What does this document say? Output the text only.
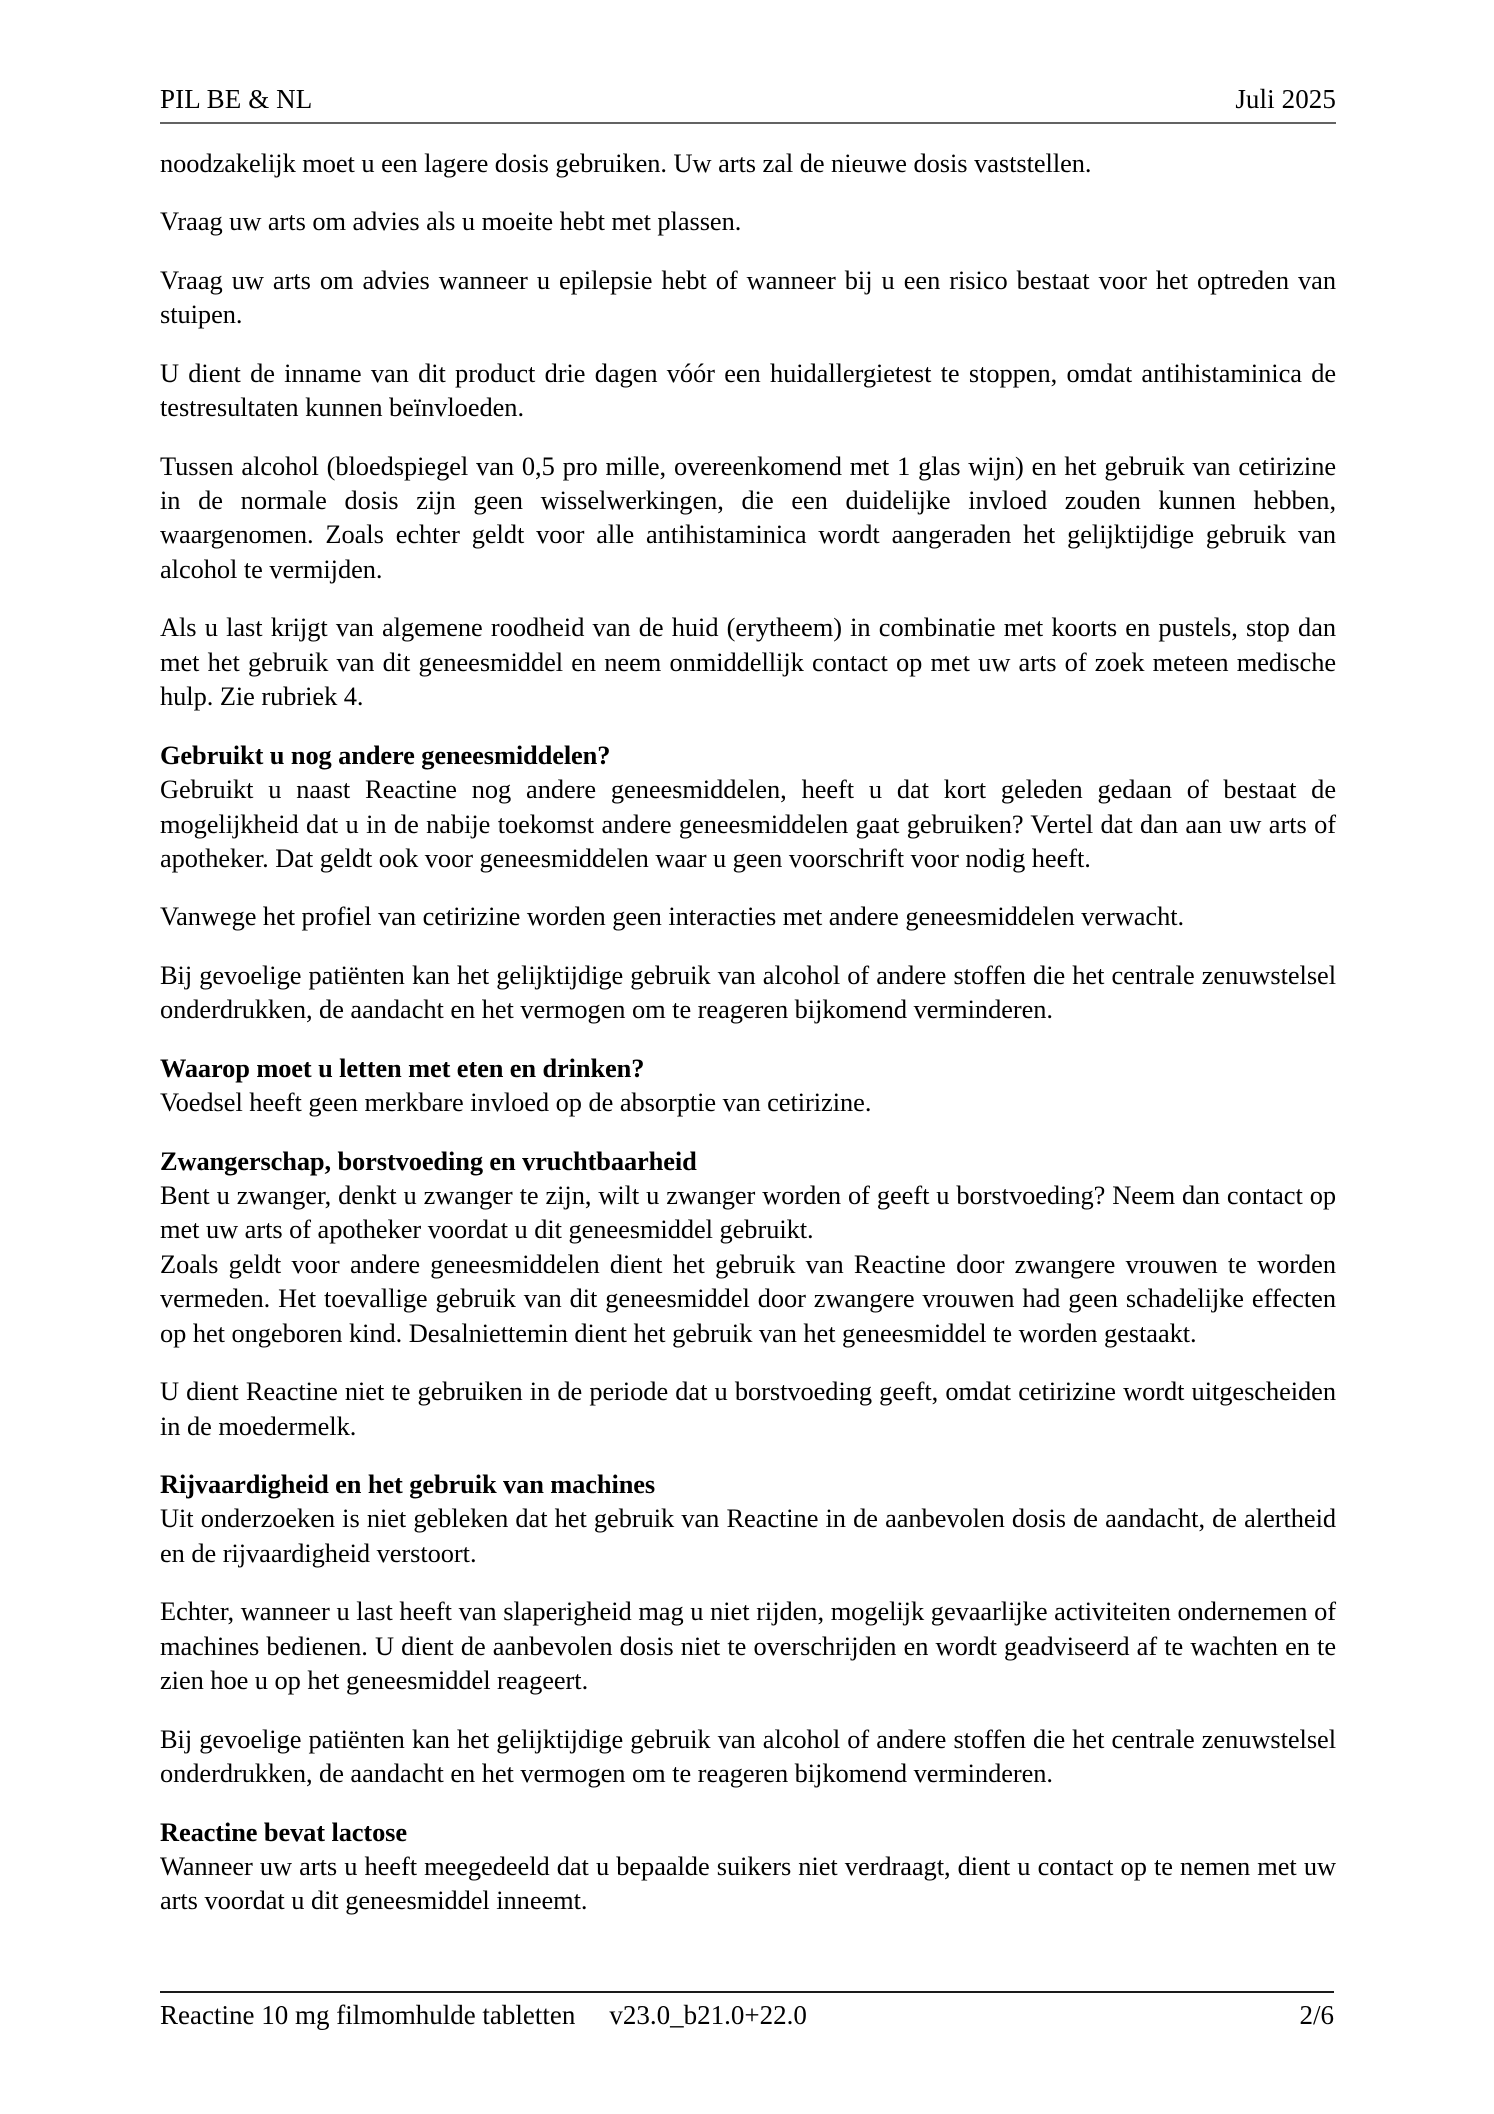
PIL BE & NL	Juli 2025

noodzakelijk moet u een lagere dosis gebruiken. Uw arts zal de nieuwe dosis vaststellen.

Vraag uw arts om advies als u moeite hebt met plassen.

Vraag uw arts om advies wanneer u epilepsie hebt of wanneer bij u een risico bestaat voor het optreden van stuipen.

U dient de inname van dit product drie dagen vóór een huidallergietest te stoppen, omdat antihistaminica de testresultaten kunnen beïnvloeden.

Tussen alcohol (bloedspiegel van 0,5 pro mille, overeenkomend met 1 glas wijn) en het gebruik van cetirizine in de normale dosis zijn geen wisselwerkingen, die een duidelijke invloed zouden kunnen hebben, waargenomen. Zoals echter geldt voor alle antihistaminica wordt aangeraden het gelijktijdige gebruik van alcohol te vermijden.

Als u last krijgt van algemene roodheid van de huid (erytheem) in combinatie met koorts en pustels, stop dan met het gebruik van dit geneesmiddel en neem onmiddellijk contact op met uw arts of zoek meteen medische hulp. Zie rubriek 4.

Gebruikt u nog andere geneesmiddelen?

Gebruikt u naast Reactine nog andere geneesmiddelen, heeft u dat kort geleden gedaan of bestaat de mogelijkheid dat u in de nabije toekomst andere geneesmiddelen gaat gebruiken? Vertel dat dan aan uw arts of apotheker. Dat geldt ook voor geneesmiddelen waar u geen voorschrift voor nodig heeft.

Vanwege het profiel van cetirizine worden geen interacties met andere geneesmiddelen verwacht.

Bij gevoelige patiënten kan het gelijktijdige gebruik van alcohol of andere stoffen die het centrale zenuwstelsel onderdrukken, de aandacht en het vermogen om te reageren bijkomend verminderen.

Waarop moet u letten met eten en drinken?

Voedsel heeft geen merkbare invloed op de absorptie van cetirizine.

Zwangerschap, borstvoeding en vruchtbaarheid

Bent u zwanger, denkt u zwanger te zijn, wilt u zwanger worden of geeft u borstvoeding? Neem dan contact op met uw arts of apotheker voordat u dit geneesmiddel gebruikt.

Zoals geldt voor andere geneesmiddelen dient het gebruik van Reactine door zwangere vrouwen te worden vermeden. Het toevallige gebruik van dit geneesmiddel door zwangere vrouwen had geen schadelijke effecten op het ongeboren kind. Desalniettemin dient het gebruik van het geneesmiddel te worden gestaakt.

U dient Reactine niet te gebruiken in de periode dat u borstvoeding geeft, omdat cetirizine wordt uitgescheiden in de moedermelk.

Rijvaardigheid en het gebruik van machines

Uit onderzoeken is niet gebleken dat het gebruik van Reactine in de aanbevolen dosis de aandacht, de alertheid en de rijvaardigheid verstoort.

Echter, wanneer u last heeft van slaperigheid mag u niet rijden, mogelijk gevaarlijke activiteiten ondernemen of machines bedienen. U dient de aanbevolen dosis niet te overschrijden en wordt geadviseerd af te wachten en te zien hoe u op het geneesmiddel reageert.

Bij gevoelige patiënten kan het gelijktijdige gebruik van alcohol of andere stoffen die het centrale zenuwstelsel onderdrukken, de aandacht en het vermogen om te reageren bijkomend verminderen.

Reactine bevat lactose

Wanneer uw arts u heeft meegedeeld dat u bepaalde suikers niet verdraagt, dient u contact op te nemen met uw arts voordat u dit geneesmiddel inneemt.

Reactine 10 mg filmomhulde tabletten v23.0_b21.0+22.0	2/6
